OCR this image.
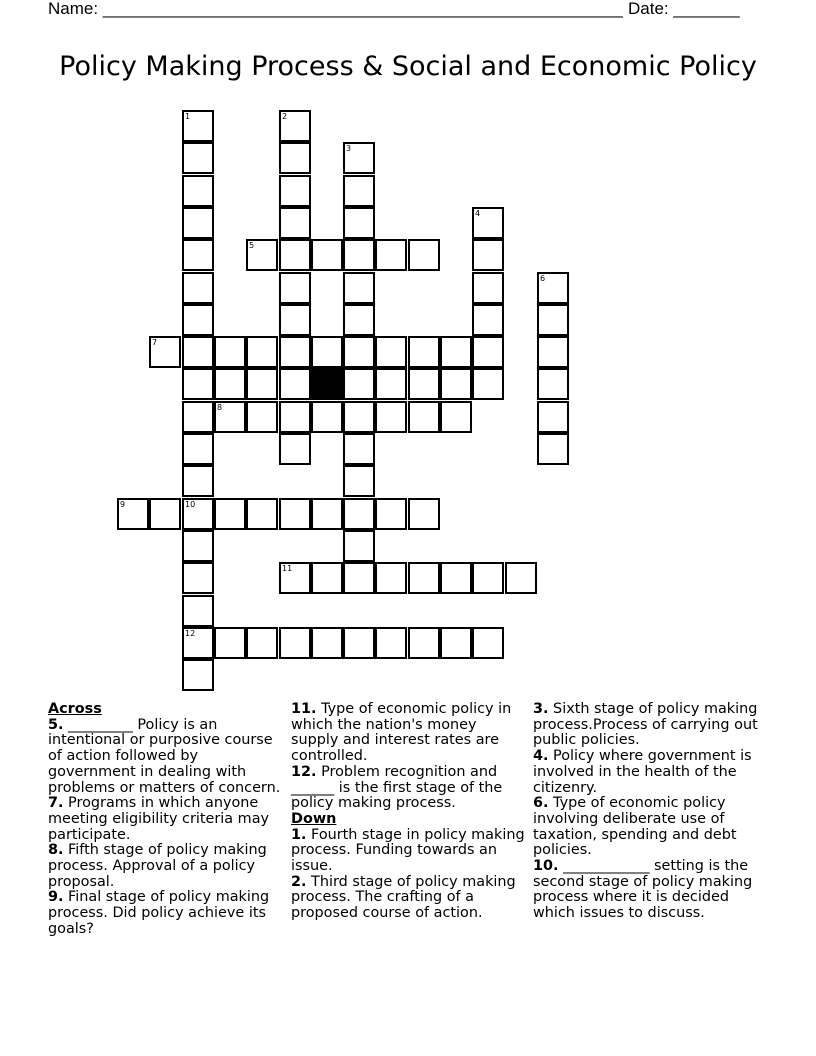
Name: _______________________________________________________ Date: _______
Policy Making Process & Social and Economic Policy
1
10
12
2
3
4
5
6
7
8
9
11
Across
5. _________ Policy is an intentional or purposive course of action followed by government in dealing with problems or matters of concern.
7. Programs in which anyone meeting eligibility criteria may participate.
8. Fifth stage of policy making process. Approval of a policy proposal.
9. Final stage of policy making process. Did policy achieve its goals?
11. Type of economic policy in which the nation's money supply and interest rates are controlled.
12. Problem recognition and ______ is the first stage of the policy making process.
Down
1. Fourth stage in policy making process. Funding towards an issue.
2. Third stage of policy making process. The crafting of a proposed course of action.
3. Sixth stage of policy making process.Process of carrying out public policies.
4. Policy where government is involved in the health of the citizenry.
6. Type of economic policy involving deliberate use of taxation, spending and debt policies.
10. ____________ setting is the second stage of policy making process where it is decided which issues to discuss.
